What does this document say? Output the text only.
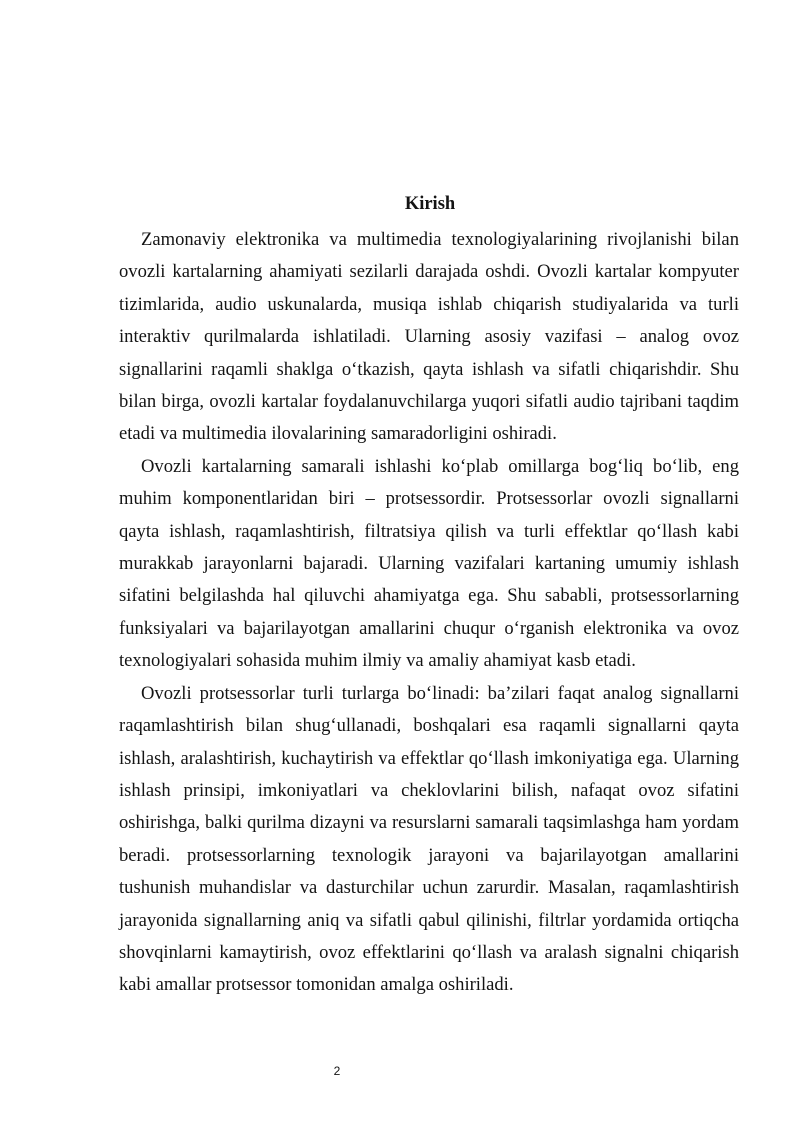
Kirish

Zamonaviy elektronika va multimedia texnologiyalarining rivojlanishi bilan ovozli kartalarning ahamiyati sezilarli darajada oshdi. Ovozli kartalar kompyuter tizimlarida, audio uskunalarda, musiqa ishlab chiqarish studiyalarida va turli interaktiv qurilmalarda ishlatiladi. Ularning asosiy vazifasi – analog ovoz signallarini raqamli shaklga o‘tkazish, qayta ishlash va sifatli chiqarishdir. Shu bilan birga, ovozli kartalar foydalanuvchilarga yuqori sifatli audio tajribani taqdim etadi va multimedia ilovalarining samaradorligini oshiradi.

Ovozli kartalarning samarali ishlashi ko‘plab omillarga bog‘liq bo‘lib, eng muhim komponentlaridan biri – protsessordir. Protsessorlar ovozli signallarni qayta ishlash, raqamlashtirish, filtratsiya qilish va turli effektlar qo‘llash kabi murakkab jarayonlarni bajaradi. Ularning vazifalari kartaning umumiy ishlash sifatini belgilashda hal qiluvchi ahamiyatga ega. Shu sababli, protsessorlarning funksiyalari va bajarilayotgan amallarini chuqur o‘rganish elektronika va ovoz texnologiyalari sohasida muhim ilmiy va amaliy ahamiyat kasb etadi.

Ovozli protsessorlar turli turlarga bo‘linadi: ba’zilari faqat analog signallarni raqamlashtirish bilan shug‘ullanadi, boshqalari esa raqamli signallarni qayta ishlash, aralashtirish, kuchaytirish va effektlar qo‘llash imkoniyatiga ega. Ularning ishlash prinsipi, imkoniyatlari va cheklovlarini bilish, nafaqat ovoz sifatini oshirishga, balki qurilma dizayni va resurslarni samarali taqsimlashga ham yordam beradi. protsessorlarning texnologik jarayoni va bajarilayotgan amallarini tushunish muhandislar va dasturchilar uchun zarurdir. Masalan, raqamlashtirish jarayonida signallarning aniq va sifatli qabul qilinishi, filtrlar yordamida ortiqcha shovqinlarni kamaytirish, ovoz effektlarini qo‘llash va aralash signalni chiqarish kabi amallar protsessor tomonidan amalga oshiriladi.

2
